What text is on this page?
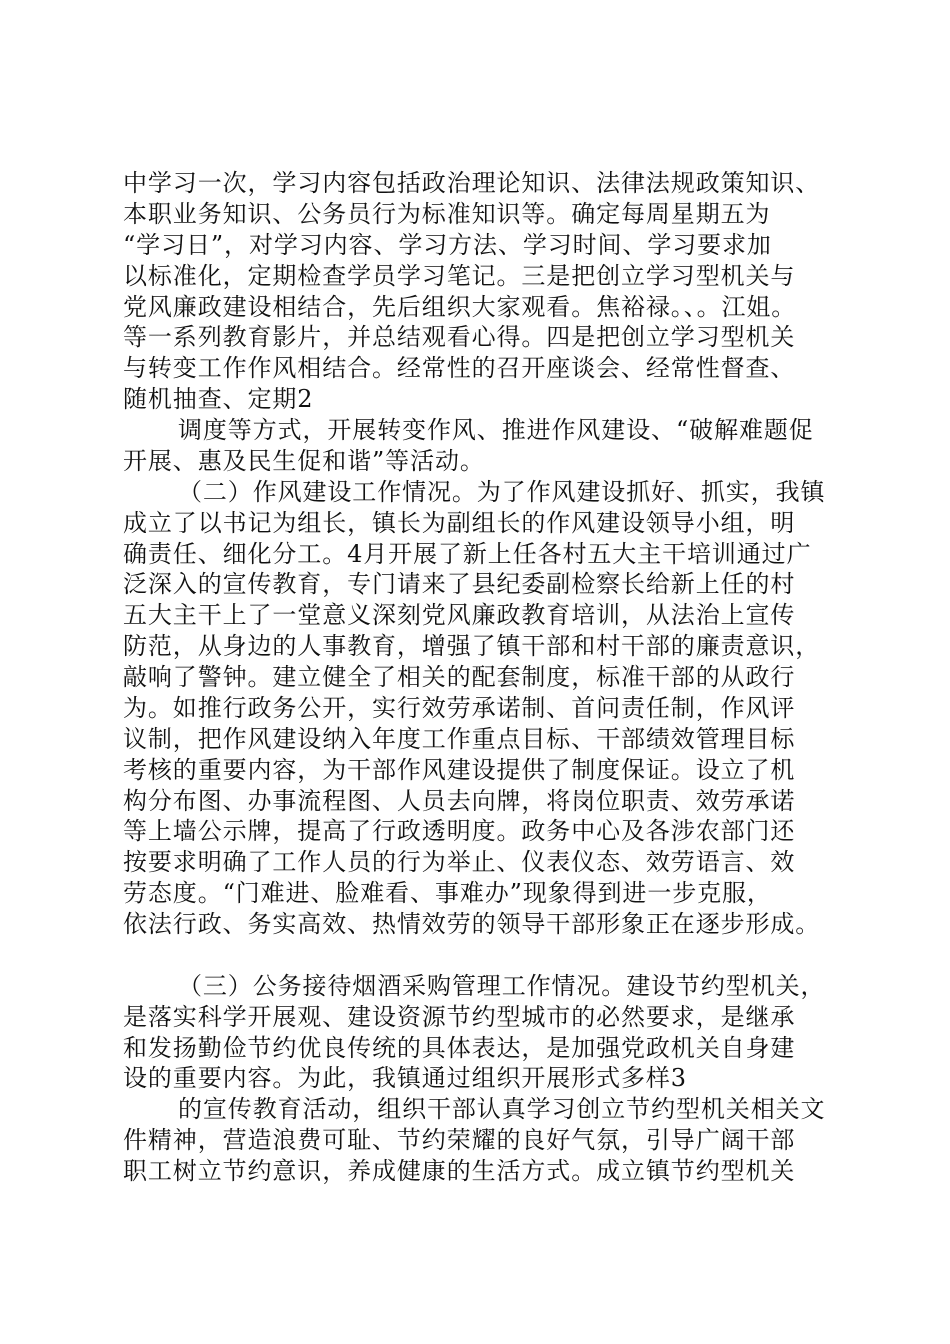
中学习一次，学习内容包括政治理论知识、法律法规政策知识、
本职业务知识、公务员行为标准知识等。确定每周星期五为
“学习日”，对学习内容、学习方法、学习时间、学习要求加
以标准化，定期检查学员学习笔记。三是把创立学习型机关与
党风廉政建设相结合，先后组织大家观看。焦裕禄。、。江姐。
等一系列教育影片，并总结观看心得。四是把创立学习型机关
与转变工作作风相结合。经常性的召开座谈会、经常性督查、
随机抽查、定期2
调度等方式，开展转变作风、推进作风建设、“破解难题促
开展、惠及民生促和谐”等活动。
（二）作风建设工作情况。为了作风建设抓好、抓实，我镇
成立了以书记为组长，镇长为副组长的作风建设领导小组，明
确责任、细化分工。4月开展了新上任各村五大主干培训通过广
泛深入的宣传教育，专门请来了县纪委副检察长给新上任的村
五大主干上了一堂意义深刻党风廉政教育培训，从法治上宣传
防范，从身边的人事教育，增强了镇干部和村干部的廉责意识，
敲响了警钟。建立健全了相关的配套制度，标准干部的从政行
为。如推行政务公开，实行效劳承诺制、首问责任制，作风评
议制，把作风建设纳入年度工作重点目标、干部绩效管理目标
考核的重要内容，为干部作风建设提供了制度保证。设立了机
构分布图、办事流程图、人员去向牌，将岗位职责、效劳承诺
等上墙公示牌，提高了行政透明度。政务中心及各涉农部门还
按要求明确了工作人员的行为举止、仪表仪态、效劳语言、效
劳态度。“门难进、脸难看、事难办”现象得到进一步克服，
依法行政、务实高效、热情效劳的领导干部形象正在逐步形成。
（三）公务接待烟酒采购管理工作情况。建设节约型机关，
是落实科学开展观、建设资源节约型城市的必然要求，是继承
和发扬勤俭节约优良传统的具体表达，是加强党政机关自身建
设的重要内容。为此，我镇通过组织开展形式多样3
的宣传教育活动，组织干部认真学习创立节约型机关相关文
件精神，营造浪费可耻、节约荣耀的良好气氛，引导广阔干部
职工树立节约意识，养成健康的生活方式。成立镇节约型机关
